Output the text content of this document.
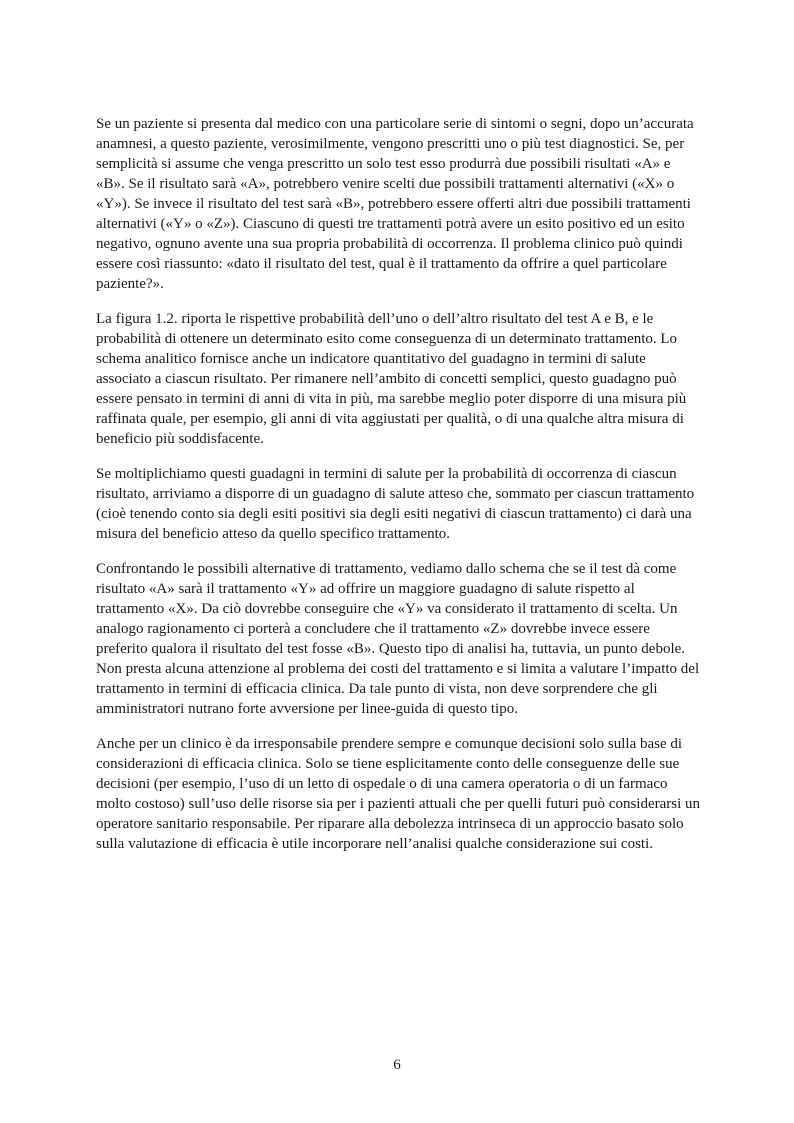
Se un paziente si presenta dal medico con una particolare serie di sintomi o segni, dopo un’accurata anamnesi, a questo paziente, verosimilmente, vengono prescritti uno o più test diagnostici. Se, per semplicità si assume che venga prescritto un solo test esso produrrà due possibili risultati «A» e «B». Se il risultato sarà «A», potrebbero venire scelti due possibili trattamenti alternativi («X» o «Y»). Se invece il risultato del test sarà «B», potrebbero essere offerti altri due possibili trattamenti alternativi («Y» o «Z»). Ciascuno di questi tre trattamenti potrà avere un esito positivo ed un esito negativo, ognuno avente una sua propria probabilità di occorrenza. Il problema clinico può quindi essere così riassunto: «dato il risultato del test, qual è il trattamento da offrire a quel particolare paziente?».

La figura 1.2. riporta le rispettive probabilità dell’uno o dell’altro risultato del test A e B, e le probabilità di ottenere un determinato esito come conseguenza di un determinato trattamento. Lo schema analitico fornisce anche un indicatore quantitativo del guadagno in termini di salute associato a ciascun risultato. Per rimanere nell’ambito di concetti semplici, questo guadagno può essere pensato in termini di anni di vita in più, ma sarebbe meglio poter disporre di una misura più raffinata quale, per esempio, gli anni di vita aggiustati per qualità, o di una qualche altra misura di beneficio più soddisfacente.

Se moltiplichiamo questi guadagni in termini di salute per la probabilità di occorrenza di ciascun risultato, arriviamo a disporre di un guadagno di salute atteso che, sommato per ciascun trattamento (cioè tenendo conto sia degli esiti positivi sia degli esiti negativi di ciascun trattamento) ci darà una misura del beneficio atteso da quello specifico trattamento.

Confrontando le possibili alternative di trattamento, vediamo dallo schema che se il test dà come risultato «A» sarà il trattamento «Y» ad offrire un maggiore guadagno di salute rispetto al trattamento «X». Da ciò dovrebbe conseguire che «Y» va considerato il trattamento di scelta. Un analogo ragionamento ci porterà a concludere che il trattamento «Z» dovrebbe invece essere preferito qualora il risultato del test fosse «B». Questo tipo di analisi ha, tuttavia, un punto debole. Non presta alcuna attenzione al problema dei costi del trattamento e si limita a valutare l’impatto del trattamento in termini di efficacia clinica. Da tale punto di vista, non deve sorprendere che gli amministratori nutrano forte avversione per linee-guida di questo tipo.

Anche per un clinico è da irresponsabile prendere sempre e comunque decisioni solo sulla base di considerazioni di efficacia clinica. Solo se tiene esplicitamente conto delle conseguenze delle sue decisioni (per esempio, l’uso di un letto di ospedale o di una camera operatoria o di un farmaco molto costoso) sull’uso delle risorse sia per i pazienti attuali che per quelli futuri può considerarsi un operatore sanitario responsabile. Per riparare alla debolezza intrinseca di un approccio basato solo sulla valutazione di efficacia è utile incorporare nell’analisi qualche considerazione sui costi.

6
